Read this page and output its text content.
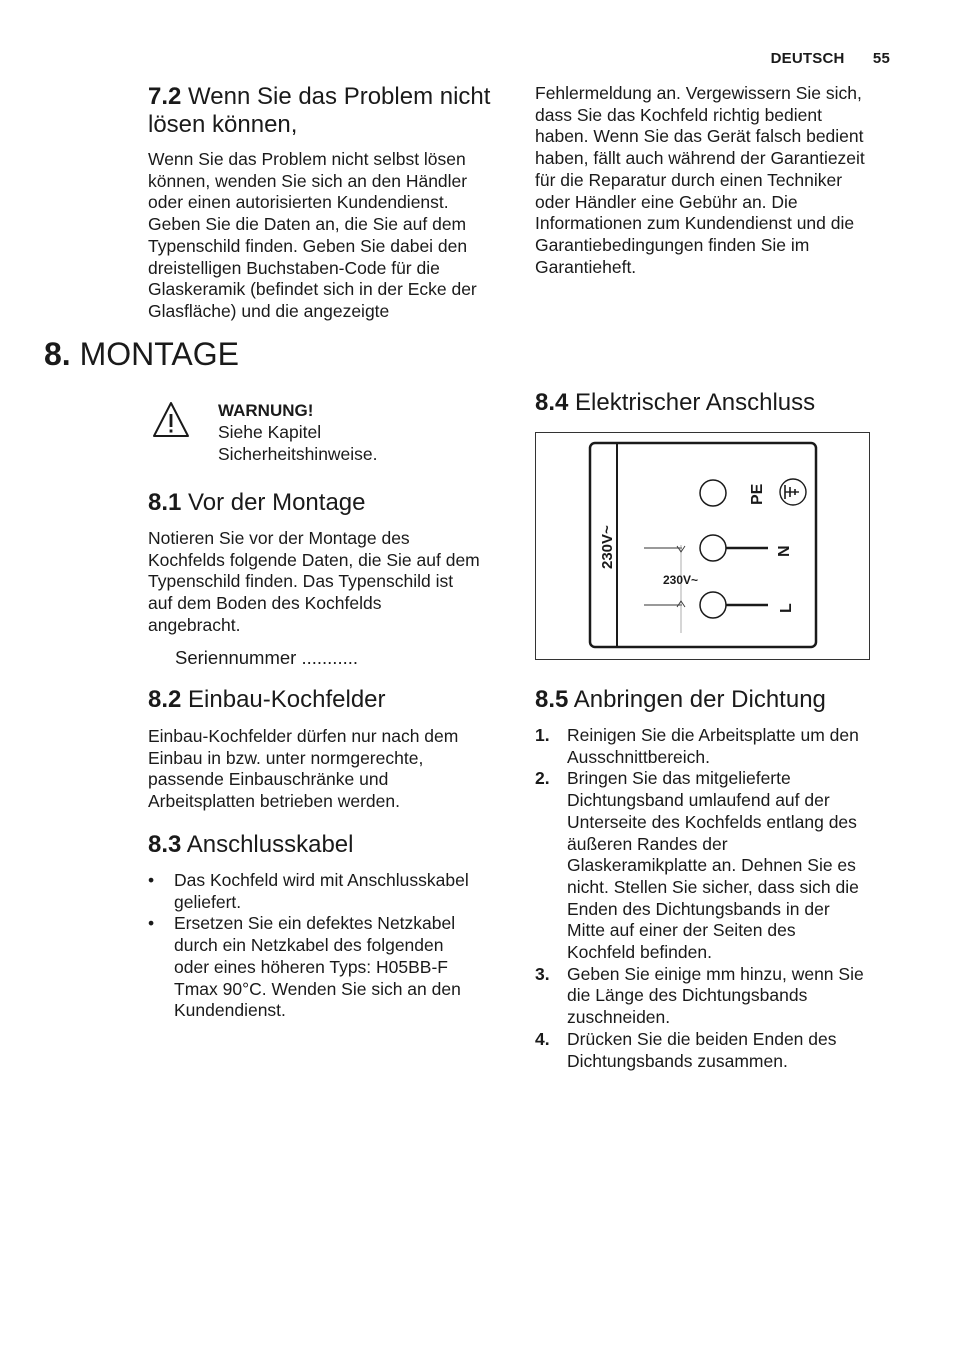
DEUTSCH 55
7.2 Wenn Sie das Problem nicht
lösen können,
Wenn Sie das Problem nicht selbst lösen
können, wenden Sie sich an den Händler
oder einen autorisierten Kundendienst.
Geben Sie die Daten an, die Sie auf dem
Typenschild finden. Geben Sie dabei den
dreistelligen Buchstaben-Code für die
Glaskeramik (befindet sich in der Ecke der
Glasfläche) und die angezeigte
Fehlermeldung an. Vergewissern Sie sich,
dass Sie das Kochfeld richtig bedient
haben. Wenn Sie das Gerät falsch bedient
haben, fällt auch während der Garantiezeit
für die Reparatur durch einen Techniker
oder Händler eine Gebühr an. Die
Informationen zum Kundendienst und die
Garantiebedingungen finden Sie im
Garantieheft.
8. MONTAGE
WARNUNG!
Siehe Kapitel
Sicherheitshinweise.
8.1 Vor der Montage
Notieren Sie vor der Montage des
Kochfelds folgende Daten, die Sie auf dem
Typenschild finden. Das Typenschild ist
auf dem Boden des Kochfelds
angebracht.
Seriennummer ...........
8.2 Einbau-Kochfelder
Einbau-Kochfelder dürfen nur nach dem
Einbau in bzw. unter normgerechte,
passende Einbauschränke und
Arbeitsplatten betrieben werden.
8.3 Anschlusskabel
• Das Kochfeld wird mit Anschlusskabel
geliefert.
• Ersetzen Sie ein defektes Netzkabel
durch ein Netzkabel des folgenden
oder eines höheren Typs: H05BB-F
Tmax 90°C. Wenden Sie sich an den
Kundendienst.
8.4 Elektrischer Anschluss
230V~
230V~
PE
N
L
8.5 Anbringen der Dichtung
1. Reinigen Sie die Arbeitsplatte um den
Ausschnittbereich.
2. Bringen Sie das mitgelieferte
Dichtungsband umlaufend auf der
Unterseite des Kochfelds entlang des
äußeren Randes der
Glaskeramikplatte an. Dehnen Sie es
nicht. Stellen Sie sicher, dass sich die
Enden des Dichtungsbands in der
Mitte auf einer der Seiten des
Kochfeld befinden.
3. Geben Sie einige mm hinzu, wenn Sie
die Länge des Dichtungsbands
zuschneiden.
4. Drücken Sie die beiden Enden des
Dichtungsbands zusammen.
